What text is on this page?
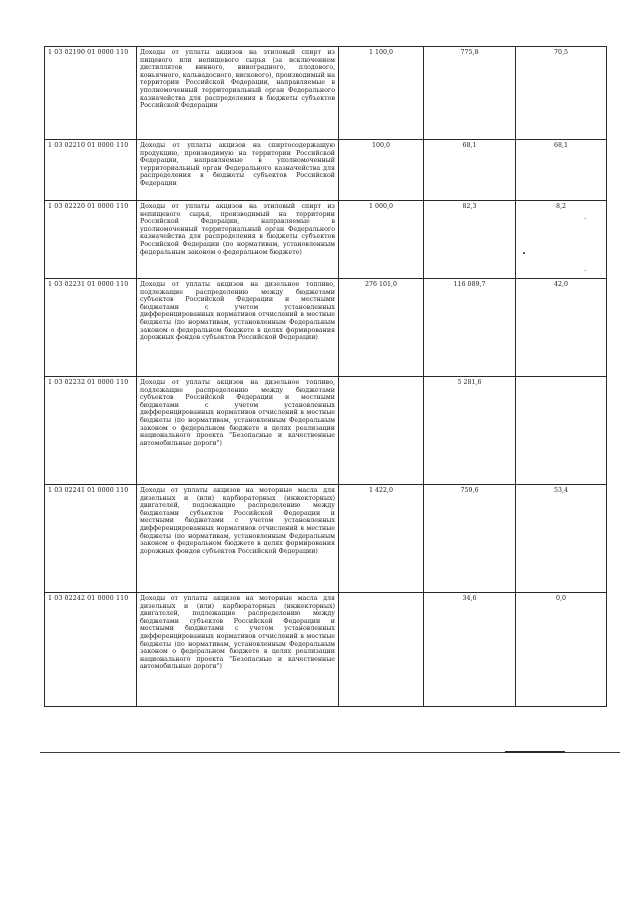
1 03 02190 01 0000 110	Доходы от уплаты акцизов на этиловый спирт из пищевого или непищевого сырья (за исключением дистиллятов винного, виноградного, плодового, коньячного, кальвадосного, вискового), производимый на территории Российской Федерации, направляемые в уполномоченный территориальный орган Федерального казначейства для распределения в бюджеты субъектов Российской Федерации	1 100,0	775,8	70,5
1 03 02210 01 0000 110	Доходы от уплаты акцизов на спиртосодержащую продукцию, производимую на территории Российской Федерации, направляемые в уполномоченный территориальный орган Федерального казначейства для распределения в бюджеты субъектов Российской Федерации	100,0	68,1	68,1
1 03 02220 01 0000 110	Доходы от уплаты акцизов на этиловый спирт из непищевого сырья, производимый на территории Российской Федерации, направляемые в уполномоченный территориальный орган Федерального казначейства для распределения в бюджеты субъектов Российской Федерации (по нормативам, установленным федеральным законом о федеральном бюджете)	1 000,0	82,3	8,2
1 03 02231 01 0000 110	Доходы от уплаты акцизов на дизельное топливо, подлежащие распределению между бюджетами субъектов Российской Федерации и местными бюджетами с учетом установленных дифференцированных нормативов отчислений в местные бюджеты (по нормативам, установленным Федеральным законом о федеральном бюджете в целях формирования дорожных фондов субъектов Российской Федерации)	276 101,0	116 089,7	42,0
1 03 02232 01 0000 110	Доходы от уплаты акцизов на дизельное топливо, подлежащие распределению между бюджетами субъектов Российской Федерации и местными бюджетами с учетом установленных дифференцированных нормативов отчислений в местные бюджеты (по нормативам, установленным Федеральным законом о федеральном бюджете в целях реализации национального проекта "Безопасные и качественные автомобильные дороги")		5 281,6	
1 03 02241 01 0000 110	Доходы от уплаты акцизов на моторные масла для дизельных и (или) карбюраторных (инжекторных) двигателей, подлежащие распределению между бюджетами субъектов Российской Федерации и местными бюджетами с учетом установленных дифференцированных нормативов отчислений в местные бюджеты (по нормативам, установленным Федеральным законом о федеральном бюджете в целях формирования дорожных фондов субъектов Российской Федерации)	1 422,0	759,6	53,4
1 03 02242 01 0000 110	Доходы от уплаты акцизов на моторные масла для дизельных и (или) карбюраторных (инжекторных) двигателей, подлежащие распределению между бюджетами субъектов Российской Федерации и местными бюджетами с учетом установленных дифференцированных нормативов отчислений в местные бюджеты (по нормативам, установленным Федеральным законом о федеральном бюджете в целях реализации национального проекта "Безопасные и качественные автомобильные дороги")		34,6	0,0
•
·
·
